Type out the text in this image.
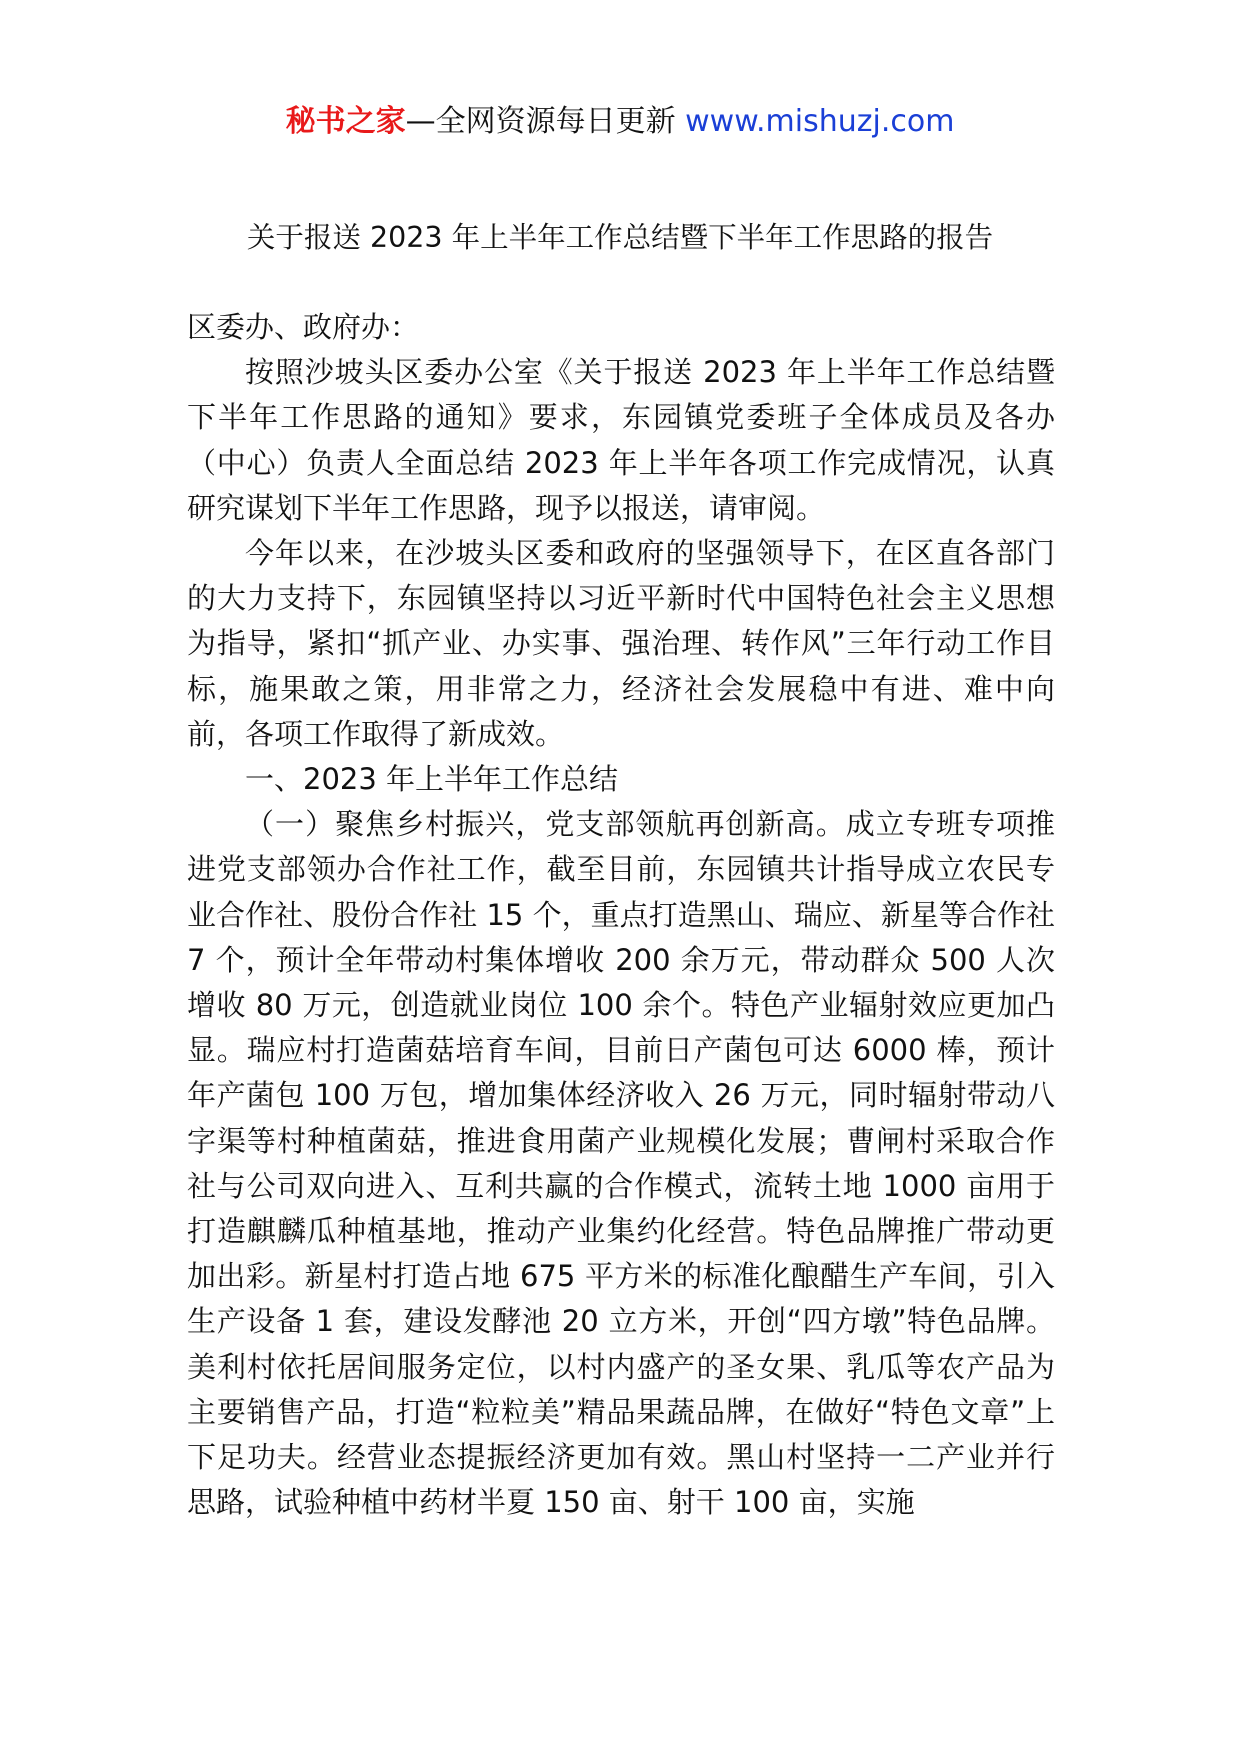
秘书之家—全网资源每日更新 www.mishuzj.com
关于报送 2023 年上半年工作总结暨下半年工作思路的报告

区委办、政府办：

按照沙坡头区委办公室《关于报送 2023 年上半年工作总结暨下半年工作思路的通知》要求，东园镇党委班子全体成员及各办（中心）负责人全面总结 2023 年上半年各项工作完成情况，认真研究谋划下半年工作思路，现予以报送，请审阅。

今年以来，在沙坡头区委和政府的坚强领导下，在区直各部门的大力支持下，东园镇坚持以习近平新时代中国特色社会主义思想为指导，紧扣“抓产业、办实事、强治理、转作风”三年行动工作目标，施果敢之策，用非常之力，经济社会发展稳中有进、难中向前，各项工作取得了新成效。

一、2023 年上半年工作总结

（一）聚焦乡村振兴，党支部领航再创新高。成立专班专项推进党支部领办合作社工作，截至目前，东园镇共计指导成立农民专业合作社、股份合作社 15 个，重点打造黑山、瑞应、新星等合作社 7 个，预计全年带动村集体增收 200 余万元，带动群众 500 人次增收 80 万元，创造就业岗位 100 余个。特色产业辐射效应更加凸显。瑞应村打造菌菇培育车间，目前日产菌包可达 6000 棒，预计年产菌包 100 万包，增加集体经济收入 26 万元，同时辐射带动八字渠等村种植菌菇，推进食用菌产业规模化发展；曹闸村采取合作社与公司双向进入、互利共赢的合作模式，流转土地 1000 亩用于打造麒麟瓜种植基地，推动产业集约化经营。特色品牌推广带动更加出彩。新星村打造占地 675 平方米的标准化酿醋生产车间，引入生产设备 1 套，建设发酵池 20 立方米，开创“四方墩”特色品牌。美利村依托居间服务定位，以村内盛产的圣女果、乳瓜等农产品为主要销售产品，打造“粒粒美”精品果蔬品牌，在做好“特色文章”上下足功夫。经营业态提振经济更加有效。黑山村坚持一二产业并行思路，试验种植中药材半夏 150 亩、射干 100 亩，实施
